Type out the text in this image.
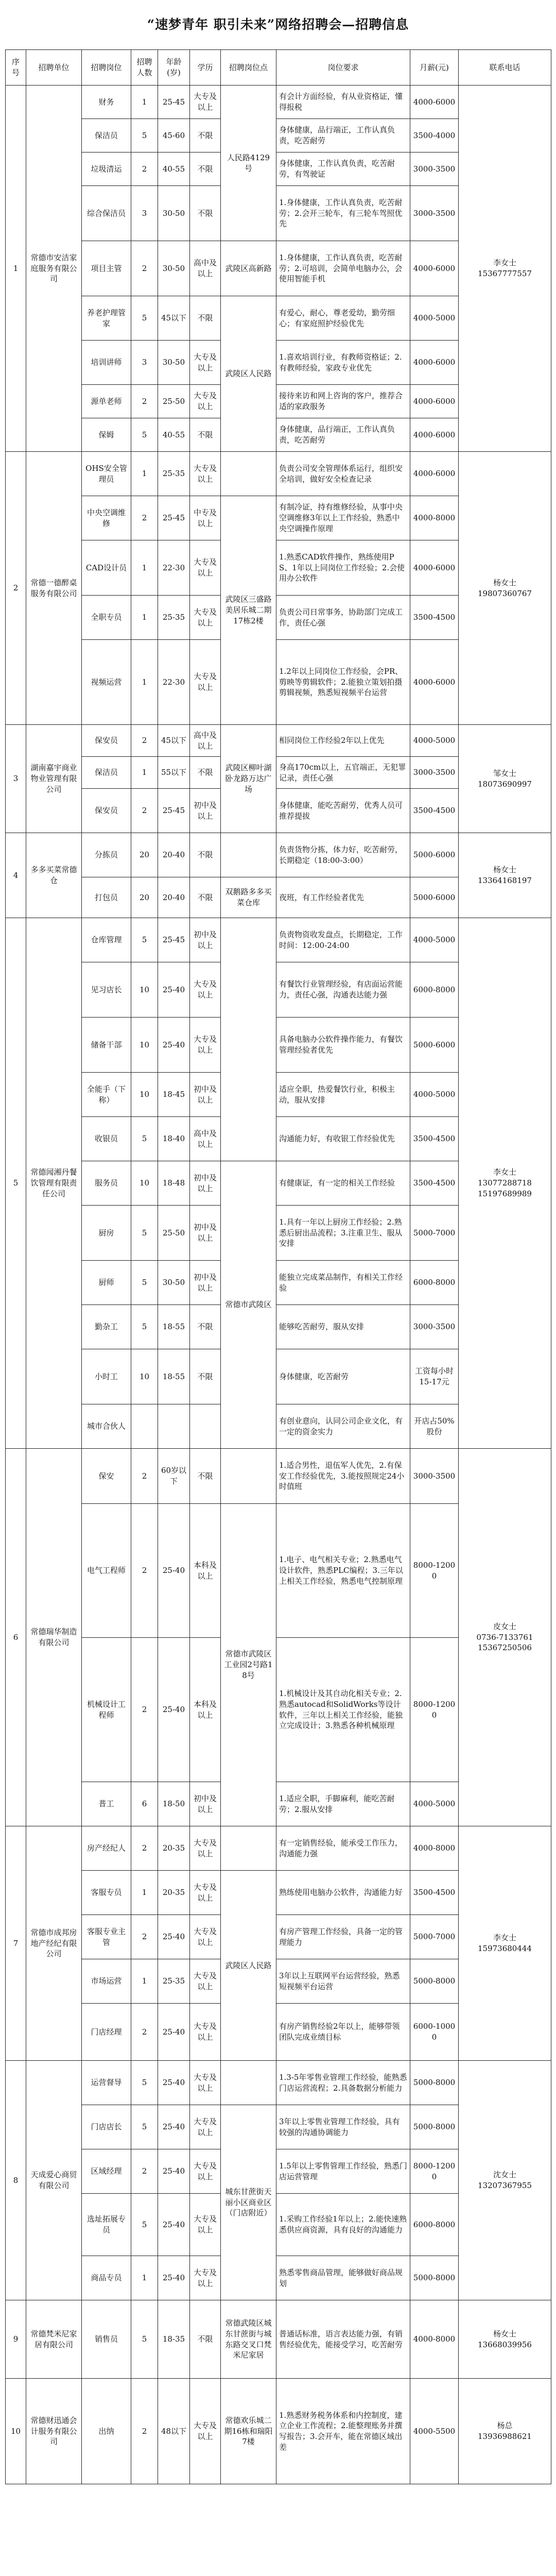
“速梦青年 职引未来”网络招聘会—招聘信息
序号	招聘单位	招聘岗位	招聘人数	年龄(岁)	学历	招聘岗位点	岗位要求	月薪(元)	联系电话
1	常德市安洁家庭服务有限公司	财务	1	25-45	大专及以上	人民路4129号	有会计方面经验，有从业资格证，懂得报税	4000-6000	李女士
15367777557
		保洁员	5	45-60	不限		身体健康，品行端正，工作认真负责，吃苦耐劳	3500-4000	
		垃圾清运	2	40-55	不限		身体健康，工作认真负责，吃苦耐劳，有驾驶证	3000-3500	
		综合保洁员	3	30-50	不限		1.身体健康，工作认真负责，吃苦耐劳；2.会开三轮车，有三轮车驾照优先	3000-3500	
		项目主管	2	30-50	高中及以上	武陵区高新路	1.身体健康，工作认真负责，吃苦耐劳；2.可培训，会简单电脑办公，会使用智能手机	4000-6000	
		养老护理管家	5	45以下	不限	武陵区人民路	有爱心，耐心，尊老爱幼，勤劳细心；有家庭照护经验优先	4000-5000	
		培训讲师	3	30-50	大专及以上		1.喜欢培训行业，有教师资格证；2.有教师经验，家政专业优先	4000-6000	
		源单老师	2	25-50	大专及以上		接待来访和网上咨询的客户，推荐合适的家政服务	4000-6000	
		保姆	5	40-55	不限		身体健康，品行端正，工作认真负责，吃苦耐劳	4000-6000	
2	常德一德醉桌服务有限公司	OHS安全管理员	1	25-35	大专及以上		负责公司安全管理体系运行，组织安全培训，做好安全检查记录	4000-6000	杨女士
19807360767
		中央空调维修	2	25-45	中专及以上	武陵区三盛路美居乐城二期17栋2楼	有制冷证，持有维修经验，从事中央空调维修3年以上工作经验，熟悉中央空调操作原理	4000-8000	
		CAD设计员	1	22-30	大专及以上		1.熟悉CAD软件操作，熟练使用PS、1年以上同岗位工作经验；2.会使用办公软件	4000-6000	
		全职专员	1	25-35	大专及以上		负责公司日常事务，协助部门完成工作，责任心强	3500-4500	
		视频运营	1	22-30	大专及以上		1.2年以上同岗位工作经验，会PR、剪映等剪辑软件；2.能独立策划拍摄剪辑视频，熟悉短视频平台运营	4000-6000	
3	湖南嘉宇商业物业管理有限公司	保安员	2	45以下	高中及以上	武陵区柳叶湖卧龙路万达广场	相同岗位工作经验2年以上优先	4000-5000	邹女士
18073690997
		保洁员	1	55以下	不限		身高170cm以上，五官端正，无犯罪记录，责任心强	3000-3500	
		保安员	2	25-45	初中及以上		身体健康，能吃苦耐劳，优秀人员可推荐提拔	3500-4500	
4	多多买菜常德仓	分拣员	20	20-40	不限		负责货物分拣，体力好，吃苦耐劳，长期稳定（18:00-3:00）	5000-6000	杨女士
13364168197
		打包员	20	20-40	不限	双鹅路多多买菜仓库	夜班，有工作经验者优先	5000-6000	
5	常德闻湘丹餐饮管理有限责任公司	仓库管理	5	25-45	初中及以上		负责物资收发盘点，长期稳定，工作时间：12:00-24:00	4000-5000	李女士
13077288718
15197689989
		见习店长	10	25-40	大专及以上		有餐饮行业管理经验，有店面运营能力，责任心强，沟通表达能力强	6000-8000	
		储备干部	10	25-40	大专及以上		具备电脑办公软件操作能力，有餐饮管理经验者优先	5000-6000	
		全能手（下称）	10	18-45	初中及以上		适应全职，热爱餐饮行业，积极主动，服从安排	4000-5000	
		收银员	5	18-40	高中及以上		沟通能力好，有收银工作经验优先	3500-4500	
		服务员	10	18-48	初中及以上	常德市武陵区	有健康证，有一定的相关工作经验	3500-4500	
		厨房	5	25-50	初中及以上		1.具有一年以上厨房工作经验；2.熟悉后厨出品流程；3.注重卫生、服从安排	5000-7000	
		厨师	5	30-50	初中及以上		能独立完成菜品制作，有相关工作经验	6000-8000	
		勤杂工	5	18-55	不限		能够吃苦耐劳，服从安排	3000-3500	
		小时工	10	18-55	不限		身体健康，吃苦耐劳	工资每小时15-17元	
		城市合伙人					有创业意向，认同公司企业文化，有一定的资金实力	开店占50%股份	
6	常德瑞华制造有限公司	保安	2	60岁以下	不限		1.适合男性，退伍军人优先，2.有保安工作经验优先，3.能按照规定24小时值班	3000-3500	皮女士
0736-7133761
15367250506
		电气工程师	2	25-40	本科及以上	常德市武陵区工业园2号路18号	1.电子、电气相关专业；2.熟悉电气设计软件，熟悉PLC编程；3.三年以上相关工作经验，熟悉电气控制原理	8000-12000	
		机械设计工程师	2	25-40	本科及以上		1.机械设计及其自动化相关专业；2.熟悉autocad和SolidWorks等设计软件，三年以上相关工作经验，能独立完成设计；3.熟悉各种机械原理	8000-12000	
		普工	6	18-50	初中及以上		1.适应全职，手脚麻利，能吃苦耐劳；2.服从安排	4000-5000	
7	常德市成邦房地产经纪有限公司	房产经纪人	2	20-35	大专及以上		有一定销售经验，能承受工作压力，沟通能力强	4000-8000	李女士
15973680444
		客服专员	1	20-35	大专及以上	武陵区人民路	熟练使用电脑办公软件，沟通能力好	3500-4500	
		客服专业主管	2	25-40	大专及以上		有房产管理工作经验，具备一定的管理能力	5000-7000	
		市场运营	1	25-35	大专及以上		3年以上互联网平台运营经验，熟悉短视频平台运营	5000-8000	
		门店经理	2	25-40	大专及以上		有房产销售经验2年以上，能够带领团队完成业绩目标	6000-10000	
8	天成爱心商贸有限公司	运营督导	5	25-40	大专及以上		1.3-5年零售业管理工作经验，能熟悉门店运营流程；2.具备数据分析能力	5000-8000	沈女士
13207367955
		门店店长	5	25-40	大专及以上	城东甘蔗街天丽小区商业区（门店附近）	3年以上零售业管理工作经验，具有较强的沟通协调能力	5000-8000	
		区域经理	2	25-40	大专及以上		1.5年以上零售管理工作经验，熟悉门店运营管理	8000-12000	
		选址拓展专员	5	25-40	大专及以上		1.采购工作经验1年以上；2.能快速熟悉供应商资源，具有良好的沟通能力	6000-8000	
		商品专员	1	25-40	大专及以上		熟悉零售商品管理，能够做好商品规划	5000-8000	
9	常德梵米尼家居有限公司	销售员	5	18-35	不限	常德武陵区城东甘蔗街与城东路交叉口梵米尼家居	普通话标准，语言表达能力强，有销售经验优先，能接受学习，吃苦耐劳	4000-8000	杨女士
13668039956
10	常德财迅通会计服务有限公司	出纳	2	48以下	大专及以上	常德欢乐城二期16栋和瑞阳7楼	1.熟悉财务税务体系和内控制度，建立企业工作流程；2.能整理账务并撰写报告；3.会开车，能在常德区域出差	4000-5500	杨总
13936988621
